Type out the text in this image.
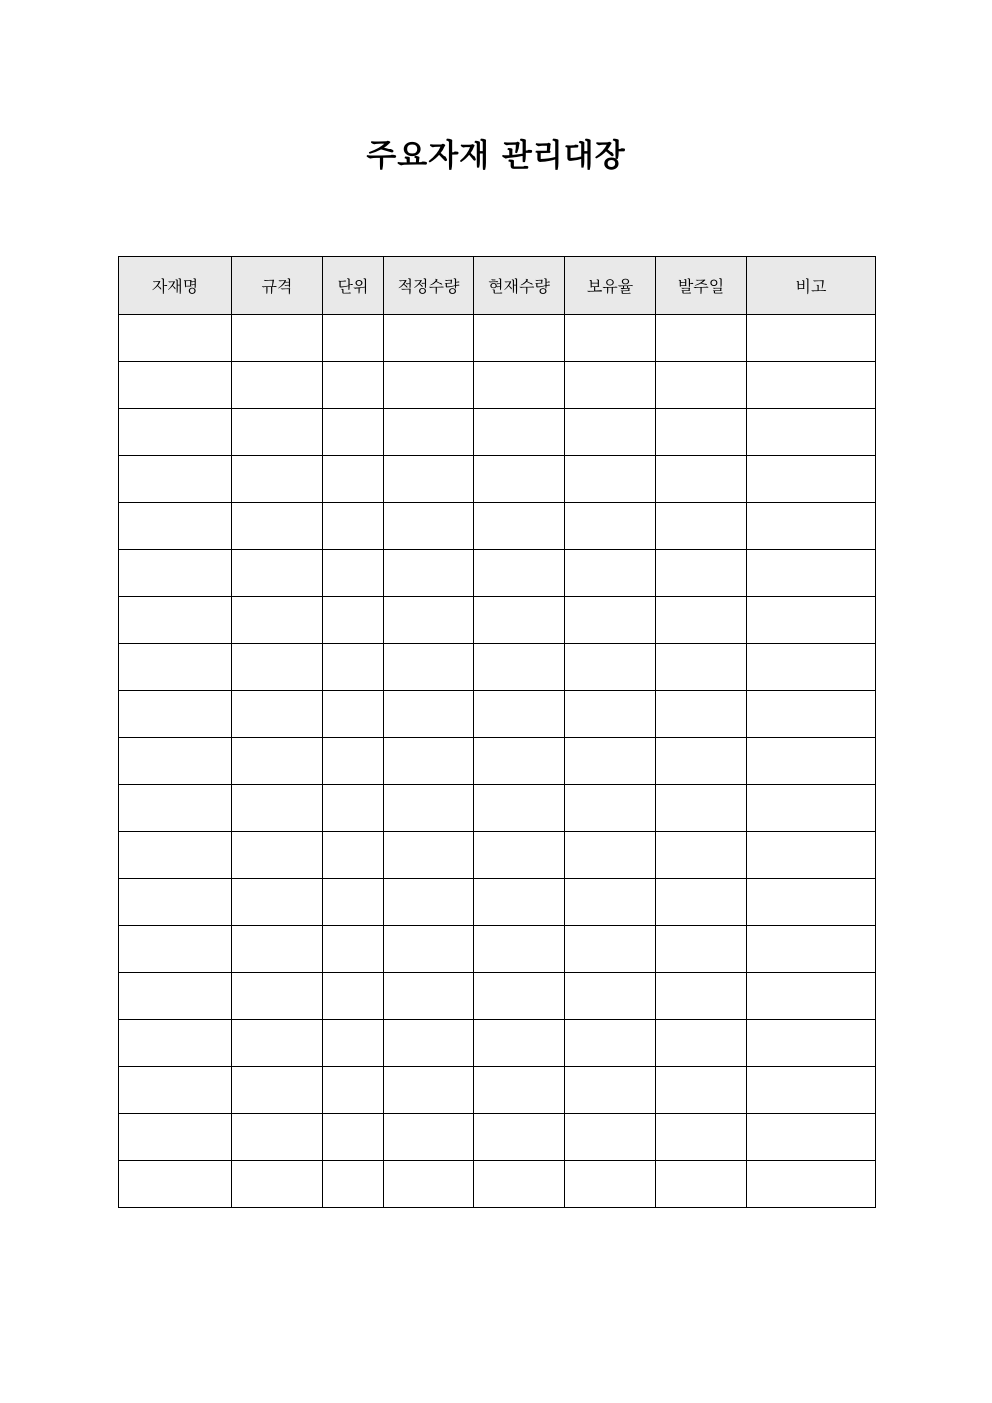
주요자재 관리대장
자재명	규격	단위	적정수량	현재수량	보유율	발주일	비고
